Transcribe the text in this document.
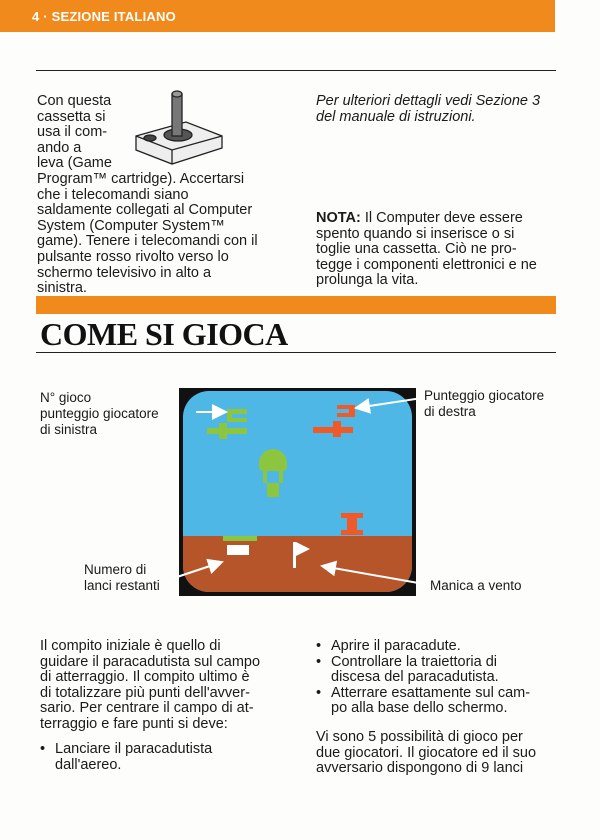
4 · SEZIONE ITALIANO

Con questa

cassetta si

usa il com-

ando a

leva (Game

Program™ cartridge). Accertarsi

che i telecomandi siano

saldamente collegati al Computer

System (Computer System™

game). Tenere i telecomandi con il

pulsante rosso rivolto verso lo

schermo televisivo in alto a

sinistra.

Per ulteriori dettagli vedi Sezione 3

del manuale di istruzioni.

NOTA: Il Computer deve essere

spento quando si inserisce o si

toglie una cassetta. Ciò ne pro-

tegge i componenti elettronici e ne

prolunga la vita.

COME SI GIOCA
N° gioco
punteggio giocatore
di sinistra
Punteggio giocatore
di destra
Numero di
lanci restanti	Manica a vento

Il compito iniziale è quello di

guidare il paracadutista sul campo

di atterraggio. Il compito ultimo è

di totalizzare più punti dell'avver-

sario. Per centrare il campo di at-

terraggio e fare punti si deve:

• Lanciare il paracadutista
dall'aereo.
• Aprire il paracadute.
• Controllare la traiettoria di
discesa del paracadutista.
• Atterrare esattamente sul cam-
po alla base dello schermo.

Vi sono 5 possibilità di gioco per

due giocatori. Il giocatore ed il suo

avversario dispongono di 9 lanci
